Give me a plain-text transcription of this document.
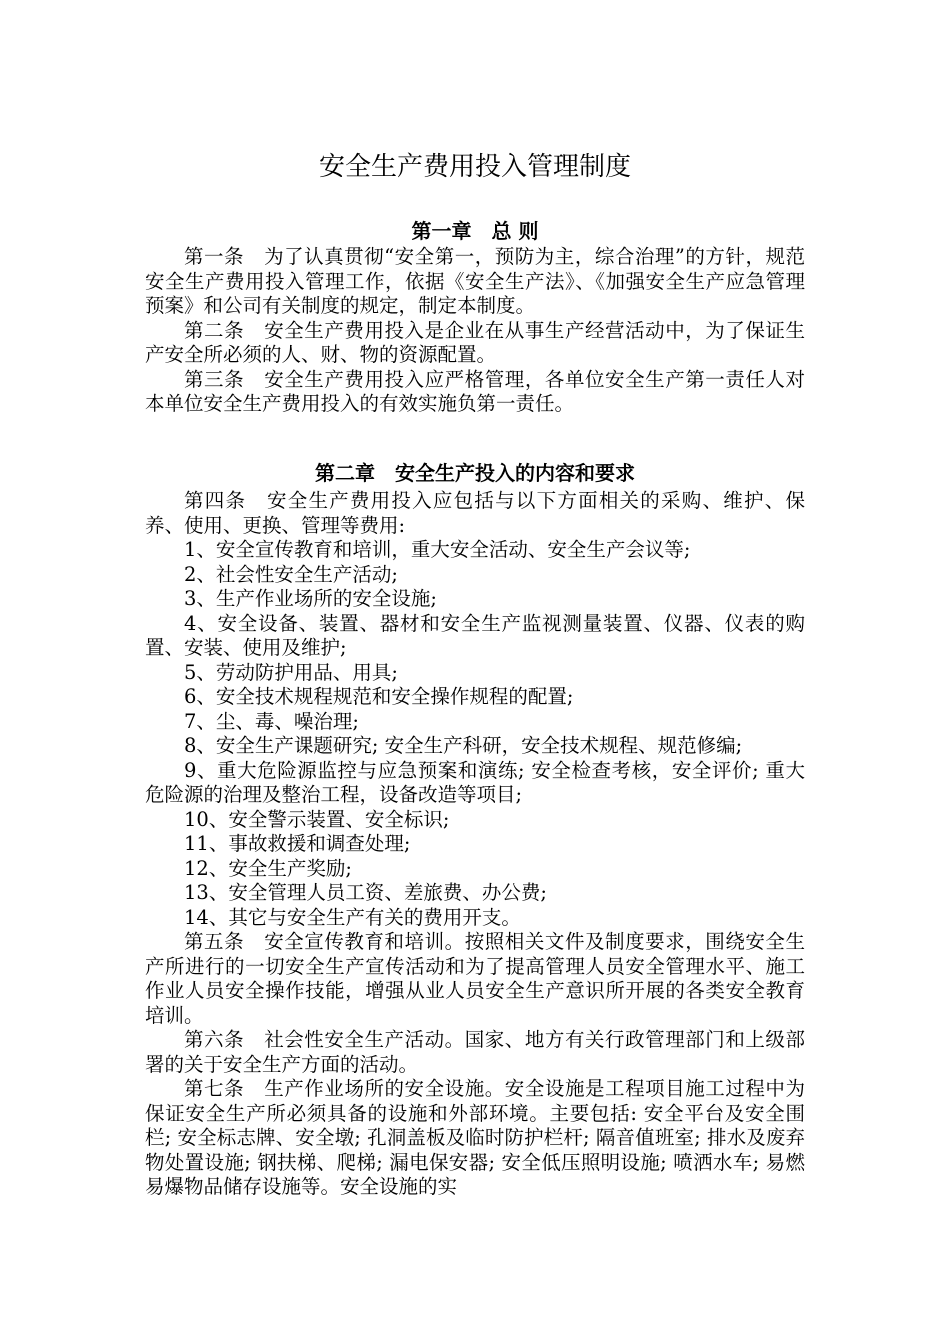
安全生产费用投入管理制度
第一章　总 则

第一条　为了认真贯彻“安全第一，预防为主，综合治理”的方针，规范安全生产费用投入管理工作，依据《安全生产法》、《加强安全生产应急管理预案》和公司有关制度的规定，制定本制度。

第二条　安全生产费用投入是企业在从事生产经营活动中，为了保证生产安全所必须的人、财、物的资源配置。

第三条　安全生产费用投入应严格管理，各单位安全生产第一责任人对本单位安全生产费用投入的有效实施负第一责任。

第二章　安全生产投入的内容和要求

第四条　安全生产费用投入应包括与以下方面相关的采购、维护、保养、使用、更换、管理等费用:

1、安全宣传教育和培训，重大安全活动、安全生产会议等;

2、社会性安全生产活动;

3、生产作业场所的安全设施;

4、安全设备、装置、器材和安全生产监视测量装置、仪器、仪表的购置、安装、使用及维护;

5、劳动防护用品、用具;

6、安全技术规程规范和安全操作规程的配置;

7、尘、毒、噪治理;

8、安全生产课题研究; 安全生产科研，安全技术规程、规范修编;

9、重大危险源监控与应急预案和演练; 安全检查考核，安全评价; 重大危险源的治理及整治工程，设备改造等项目;

10、安全警示装置、安全标识;

11、事故救援和调查处理;

12、安全生产奖励;

13、安全管理人员工资、差旅费、办公费;

14、其它与安全生产有关的费用开支。

第五条　安全宣传教育和培训。按照相关文件及制度要求，围绕安全生产所进行的一切安全生产宣传活动和为了提高管理人员安全管理水平、施工作业人员安全操作技能，增强从业人员安全生产意识所开展的各类安全教育培训。

第六条　社会性安全生产活动。国家、地方有关行政管理部门和上级部署的关于安全生产方面的活动。

第七条　生产作业场所的安全设施。安全设施是工程项目施工过程中为保证安全生产所必须具备的设施和外部环境。主要包括: 安全平台及安全围栏; 安全标志牌、安全墩; 孔洞盖板及临时防护栏杆; 隔音值班室; 排水及废弃物处置设施; 钢扶梯、爬梯; 漏电保安器; 安全低压照明设施; 喷洒水车; 易燃易爆物品储存设施等。安全设施的实
